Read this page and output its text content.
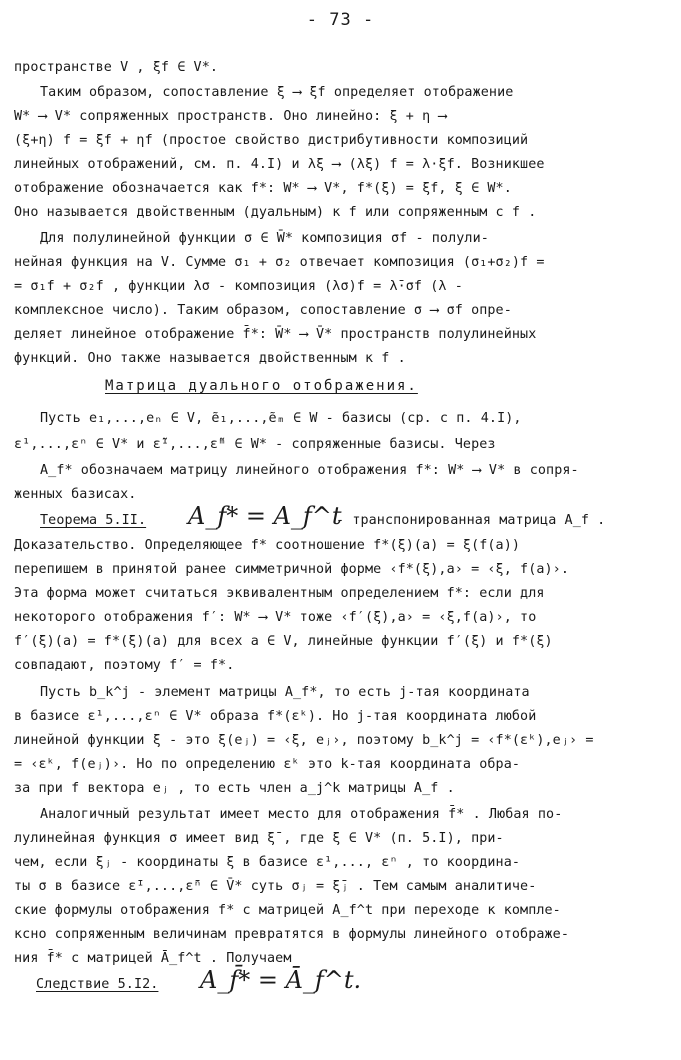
- 73 -
пространстве V , ξf ∈ V*.
Таким образом, сопоставление ξ ⟶ ξf определяет отображение
W* ⟶ V* сопряженных пространств. Оно линейно: ξ + η ⟶
(ξ+η) f = ξf + ηf (простое свойство дистрибутивности композиций
линейных отображений, см. п. 4.I) и λξ ⟶ (λξ) f = λ·ξf. Возникшее
отображение обозначается как f*: W* ⟶ V*, f*(ξ) = ξf, ξ ∈ W*.
Оно называется двойственным (дуальным) к f или сопряженным с f .
Для полулинейной функции σ ∈ W̄* композиция σf - полули-
нейная функция на V. Сумме σ₁ + σ₂ отвечает композиция (σ₁+σ₂)f =
= σ₁f + σ₂f , функции λσ - композиция (λσ)f = λ̄·σf (λ -
комплексное число). Таким образом, сопоставление σ ⟶ σf опре-
деляет линейное отображение f̄*: W̄* ⟶ V̄* пространств полулинейных
функций. Оно также называется двойственным к f .
Матрица дуального отображения.
Пусть e₁,...,eₙ ∈ V, ẽ₁,...,ẽₘ ∈ W - базисы (ср. с п. 4.I),
ε¹,...,εⁿ ∈ V* и ε̃¹,...,ε̃ᵐ ∈ W* - сопряженные базисы. Через
A_f* обозначаем матрицу линейного отображения f*: W* ⟶ V* в сопря-
женных базисах.
Теорема 5.II.	A_f* = A_f^t
- транспонированная матрица A_f .
Доказательство. Определяющее f* соотношение f*(ξ)(a) = ξ(f(a))
перепишем в принятой ранее симметричной форме ‹f*(ξ),a› = ‹ξ, f(a)›.
Эта форма может считаться эквивалентным определением f*: если для
некоторого отображения f′: W* ⟶ V* тоже ‹f′(ξ),a› = ‹ξ,f(a)›, то
f′(ξ)(a) = f*(ξ)(a) для всех a ∈ V, линейные функции f′(ξ) и f*(ξ)
совпадают, поэтому f′ = f*.
Пусть b_k^j - элемент матрицы A_f*, то есть j-тая координата
в базисе ε¹,...,εⁿ ∈ V* образа f*(εᵏ). Но j-тая координата любой
линейной функции ξ - это ξ(eⱼ) = ‹ξ, eⱼ›, поэтому b_k^j = ‹f*(εᵏ),eⱼ› =
= ‹εᵏ, f(eⱼ)›. Но по определению εᵏ это k-тая координата обра-
за при f вектора eⱼ , то есть член a_j^k матрицы A_f .
Аналогичный результат имеет место для отображения f̄* . Любая по-
лулинейная функция σ имеет вид ξ̄ , где ξ ∈ V* (п. 5.I), при-
чем, если ξⱼ - координаты ξ в базисе ε¹,..., εⁿ , то координа-
ты σ в базисе ε̄¹,...,ε̄ⁿ ∈ V̄* суть σⱼ = ξ̄ⱼ . Тем самым аналитиче-
ские формулы отображения f* с матрицей A_f^t при переходе к компле-
ксно сопряженным величинам превратятся в формулы линейного отображе-
ния f̄* с матрицей Ā_f^t . Получаем
Следствие 5.I2.	A_f̄* = Ā_f^t.
